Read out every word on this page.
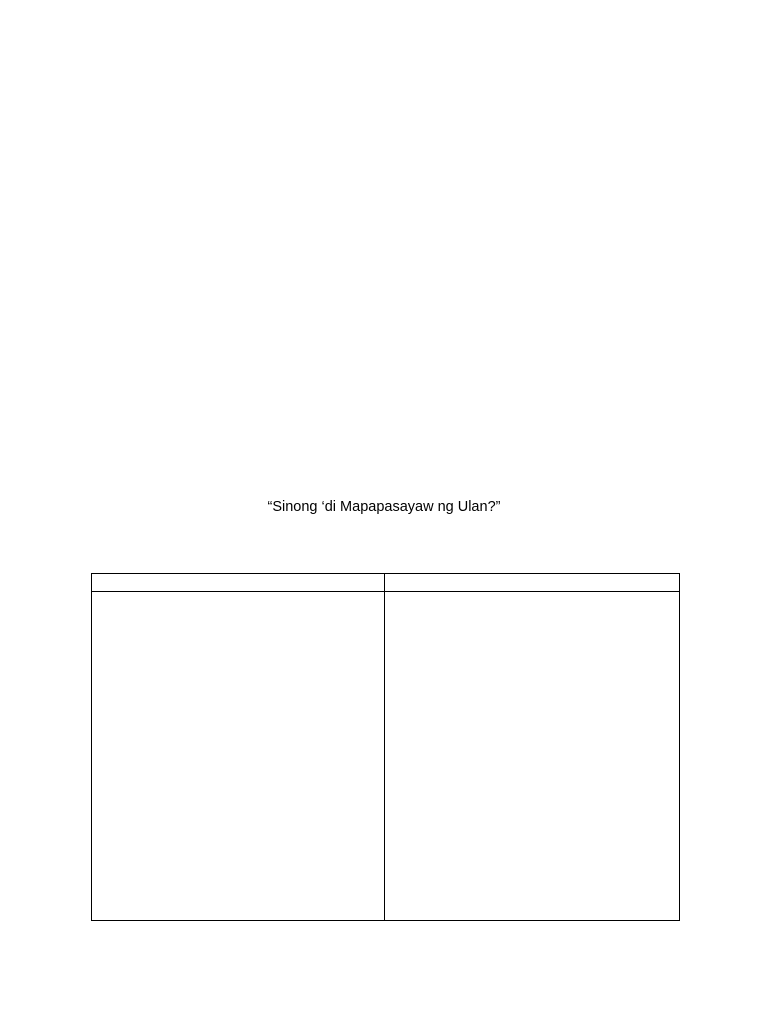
“Sinong ‘di Mapapasayaw ng Ulan?”
